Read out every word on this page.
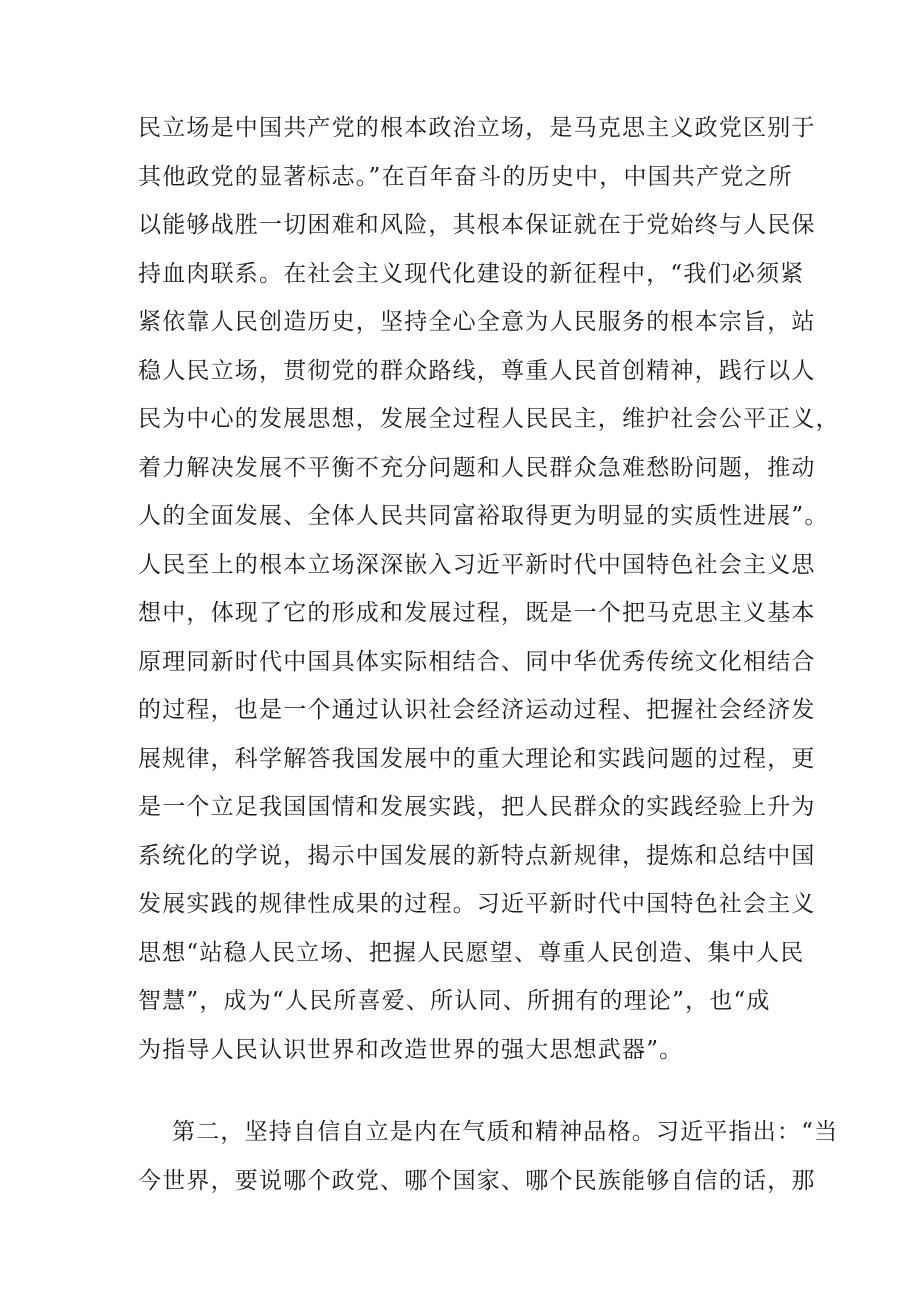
民立场是中国共产党的根本政治立场，是马克思主义政党区别于
其他政党的显著标志。”在百年奋斗的历史中，中国共产党之所
以能够战胜一切困难和风险，其根本保证就在于党始终与人民保
持血肉联系。在社会主义现代化建设的新征程中，“我们必须紧
紧依靠人民创造历史，坚持全心全意为人民服务的根本宗旨，站
稳人民立场，贯彻党的群众路线，尊重人民首创精神，践行以人
民为中心的发展思想，发展全过程人民民主，维护社会公平正义，
着力解决发展不平衡不充分问题和人民群众急难愁盼问题，推动
人的全面发展、全体人民共同富裕取得更为明显的实质性进展”。
人民至上的根本立场深深嵌入习近平新时代中国特色社会主义思
想中，体现了它的形成和发展过程，既是一个把马克思主义基本
原理同新时代中国具体实际相结合、同中华优秀传统文化相结合
的过程，也是一个通过认识社会经济运动过程、把握社会经济发
展规律，科学解答我国发展中的重大理论和实践问题的过程，更
是一个立足我国国情和发展实践，把人民群众的实践经验上升为
系统化的学说，揭示中国发展的新特点新规律，提炼和总结中国
发展实践的规律性成果的过程。习近平新时代中国特色社会主义
思想“站稳人民立场、把握人民愿望、尊重人民创造、集中人民
智慧”，成为“人民所喜爱、所认同、所拥有的理论”，也“成
为指导人民认识世界和改造世界的强大思想武器”。
第二，坚持自信自立是内在气质和精神品格。习近平指出：“当
今世界，要说哪个政党、哪个国家、哪个民族能够自信的话，那
